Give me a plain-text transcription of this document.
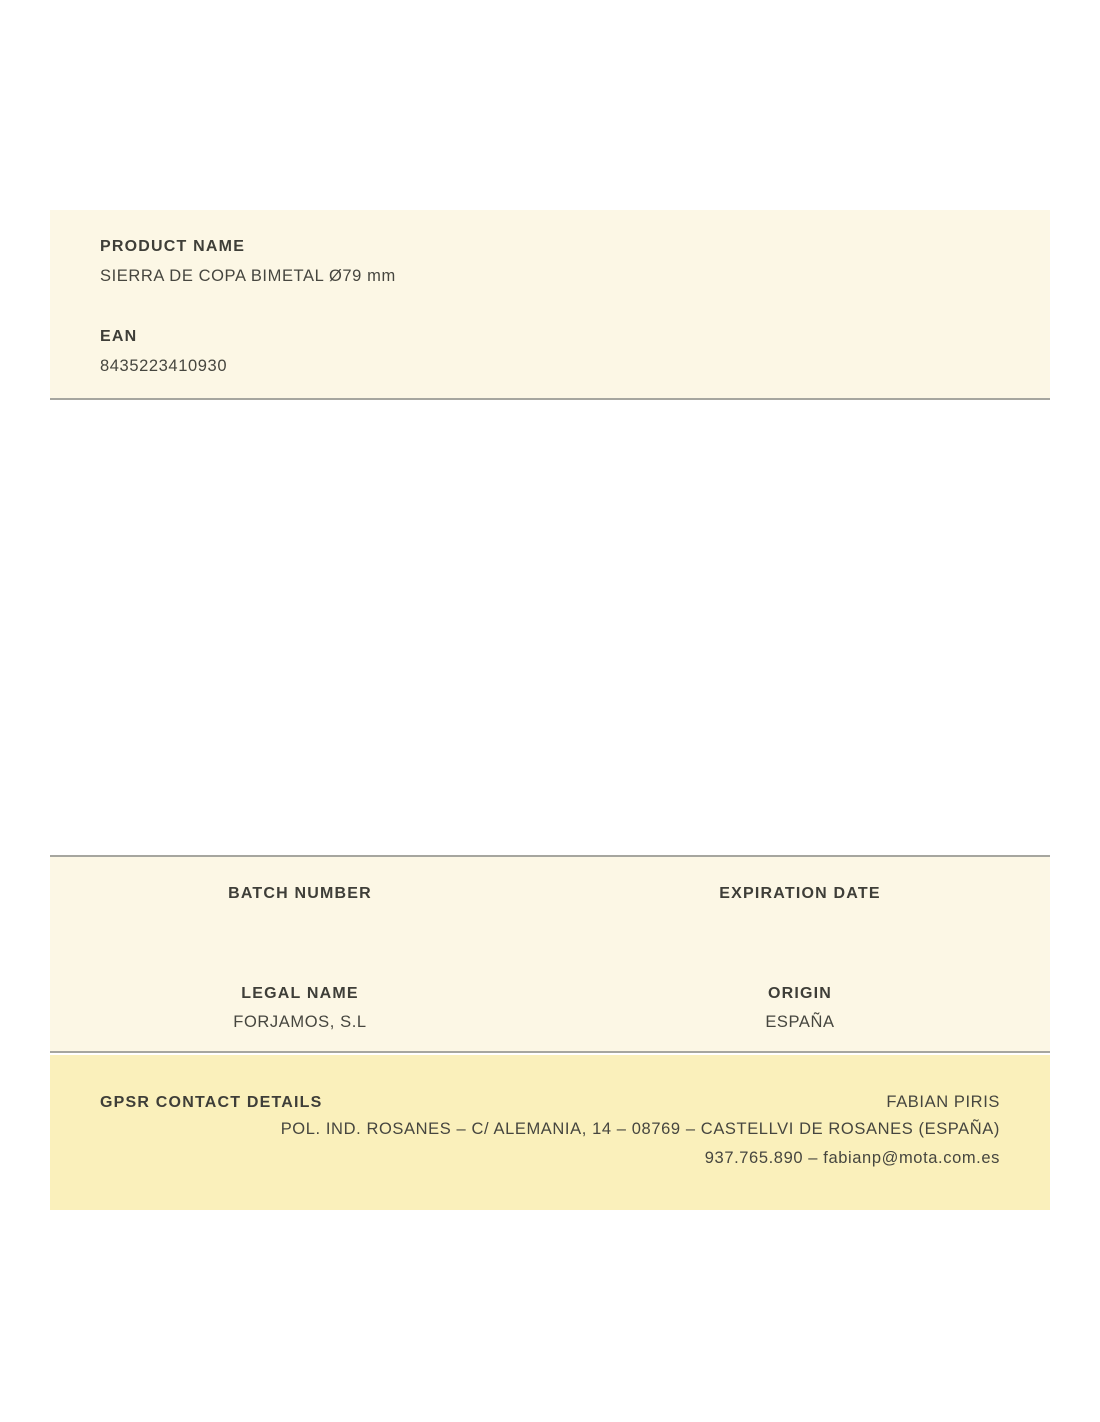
PRODUCT NAME
SIERRA DE COPA BIMETAL Ø79 mm
EAN
8435223410930
BATCH NUMBER	EXPIRATION DATE
LEGAL NAME
FORJAMOS, S.L
ORIGIN
ESPAÑA
GPSR CONTACT DETAILS	FABIAN PIRIS
POL. IND. ROSANES – C/ ALEMANIA, 14 – 08769 – CASTELLVI DE ROSANES (ESPAÑA)
937.765.890 – fabianp@mota.com.es
